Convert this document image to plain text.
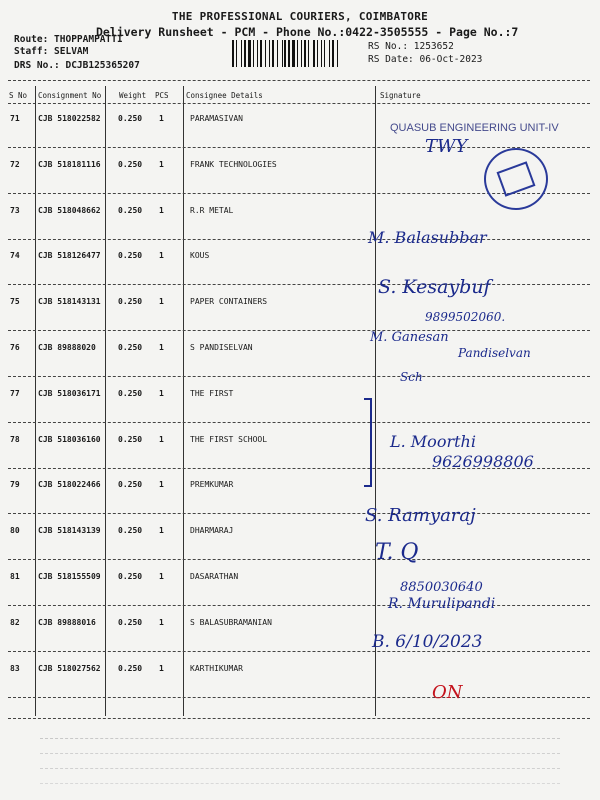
THE PROFESSIONAL COURIERS, COIMBATORE
Delivery Runsheet - PCM - Phone No.:0422-3505555 - Page No.:7
Route: THOPPAMPATTI
Staff: SELVAM
DRS No.: DCJB125365207
RS No.: 1253652
RS Date: 06-Oct-2023
S No Consignment No Weight PCS Consignee Details	Signature
71 CJB 518022582 0.250 1	PARAMASIVAN
72 CJB 518181116 0.250 1	FRANK TECHNOLOGIES
73 CJB 518048662 0.250 1	R.R METAL
74 CJB 518126477 0.250 1	KOUS
75 CJB 518143131 0.250 1	PAPER CONTAINERS
76 CJB 89888020	0.250 1	S PANDISELVAN
77 CJB 518036171 0.250 1	THE FIRST
78 CJB 518036160 0.250 1	THE FIRST SCHOOL
79 CJB 518022466 0.250 1	PREMKUMAR
80 CJB 518143139 0.250 1	DHARMARAJ
81 CJB 518155509 0.250 1	DASARATHAN
82 CJB 89888016	0.250 1	S BALASUBRAMANIAN
83 CJB 518027562 0.250 1	KARTHIKUMAR
QUASUB ENGINEERING UNIT-IV
TWY
M. Balasubbar
S. Kesaybuf
9899502060.
M. Ganesan
Pandiselvan
Sch
L. Moorthi
9626998806
S. Ramyaraj
T. Q
8850030640
R. Murulipandi
B. 6/10/2023
ON
